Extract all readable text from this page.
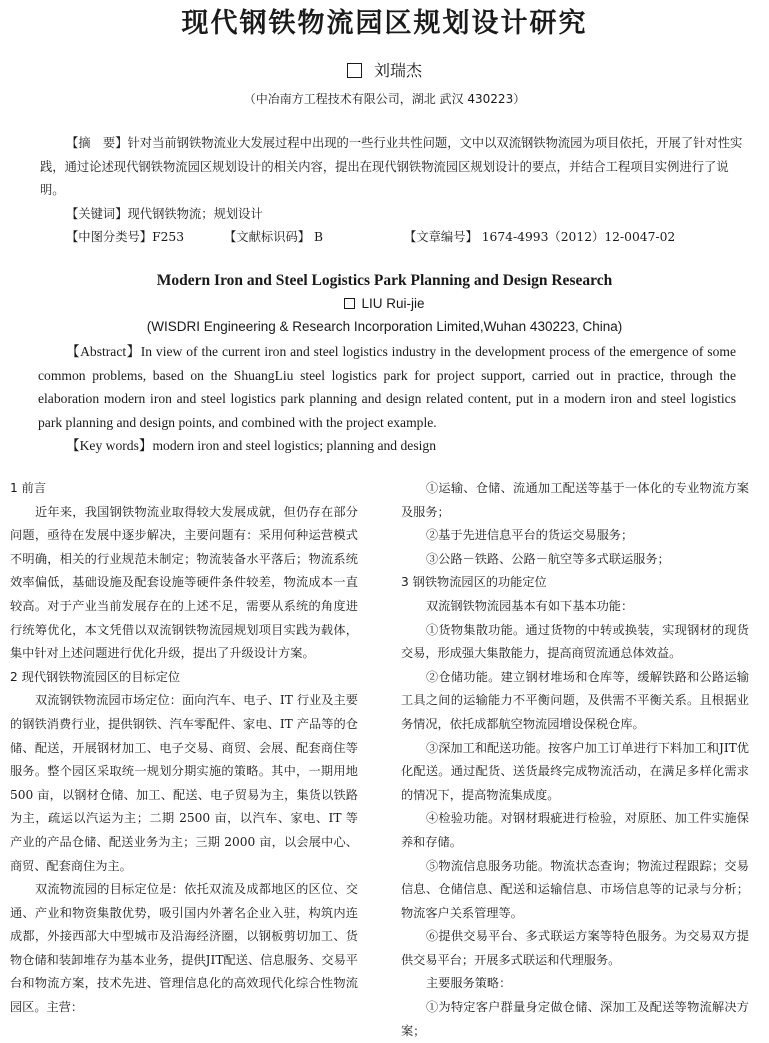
现代钢铁物流园区规划设计研究
刘瑞杰
（中冶南方工程技术有限公司，湖北 武汉 430223）

【摘　要】针对当前钢铁物流业大发展过程中出现的一些行业共性问题，文中以双流钢铁物流园为项目依托，开展了针对性实践，通过论述现代钢铁物流园区规划设计的相关内容，提出在现代钢铁物流园区规划设计的要点，并结合工程项目实例进行了说明。

【关键词】现代钢铁物流；规划设计

【中图分类号】F253	【文献标识码】 B	【文章编号】 1674-4993（2012）12-0047-02
Modern Iron and Steel Logistics Park Planning and Design Research
LIU Rui-jie
(WISDRI Engineering & Research Incorporation Limited,Wuhan 430223, China)

【Abstract】In view of the current iron and steel logistics industry in the development process of the emergence of some common problems, based on the ShuangLiu steel logistics park for project support, carried out in practice, through the elaboration modern iron and steel logistics park planning and design related content, put in a modern iron and steel logistics park planning and design points, and combined with the project example.

【Key words】modern iron and steel logistics; planning and design

1 前言

近年来，我国钢铁物流业取得较大发展成就，但仍存在部分问题，亟待在发展中逐步解决，主要问题有：采用何种运营模式不明确，相关的行业规范未制定；物流装备水平落后；物流系统效率偏低，基础设施及配套设施等硬件条件较差，物流成本一直较高。对于产业当前发展存在的上述不足，需要从系统的角度进行统筹优化，本文凭借以双流钢铁物流园规划项目实践为载体，集中针对上述问题进行优化升级，提出了升级设计方案。

2 现代钢铁物流园区的目标定位

双流钢铁物流园市场定位：面向汽车、电子、IT 行业及主要的钢铁消费行业，提供钢铁、汽车零配件、家电、IT 产品等的仓储、配送，开展钢材加工、电子交易、商贸、会展、配套商住等服务。整个园区采取统一规划分期实施的策略。其中，一期用地 500 亩，以钢材仓储、加工、配送、电子贸易为主，集货以铁路为主，疏运以汽运为主；二期 2500 亩，以汽车、家电、IT 等产业的产品仓储、配送业务为主；三期 2000 亩，以会展中心、商贸、配套商住为主。

双流物流园的目标定位是：依托双流及成都地区的区位、交通、产业和物资集散优势，吸引国内外著名企业入驻，构筑内连成都，外接西部大中型城市及沿海经济圈，以钢板剪切加工、货物仓储和装卸堆存为基本业务，提供JIT配送、信息服务、交易平台和物流方案，技术先进、管理信息化的高效现代化综合性物流园区。主营：

①运输、仓储、流通加工配送等基于一体化的专业物流方案及服务；

②基于先进信息平台的货运交易服务；

③公路－铁路、公路－航空等多式联运服务；

3 钢铁物流园区的功能定位

双流钢铁物流园基本有如下基本功能：

①货物集散功能。通过货物的中转或换装，实现钢材的现货交易，形成强大集散能力，提高商贸流通总体效益。

②仓储功能。建立钢材堆场和仓库等，缓解铁路和公路运输工具之间的运输能力不平衡问题，及供需不平衡关系。且根据业务情况，依托成都航空物流园增设保税仓库。

③深加工和配送功能。按客户加工订单进行下料加工和JIT优化配送。通过配货、送货最终完成物流活动，在满足多样化需求的情况下，提高物流集成度。

④检验功能。对钢材瑕疵进行检验，对原胚、加工件实施保养和存储。

⑤物流信息服务功能。物流状态查询；物流过程跟踪；交易信息、仓储信息、配送和运输信息、市场信息等的记录与分析；物流客户关系管理等。

⑥提供交易平台、多式联运方案等特色服务。为交易双方提供交易平台；开展多式联运和代理服务。

主要服务策略：

①为特定客户群量身定做仓储、深加工及配送等物流解决方案；
